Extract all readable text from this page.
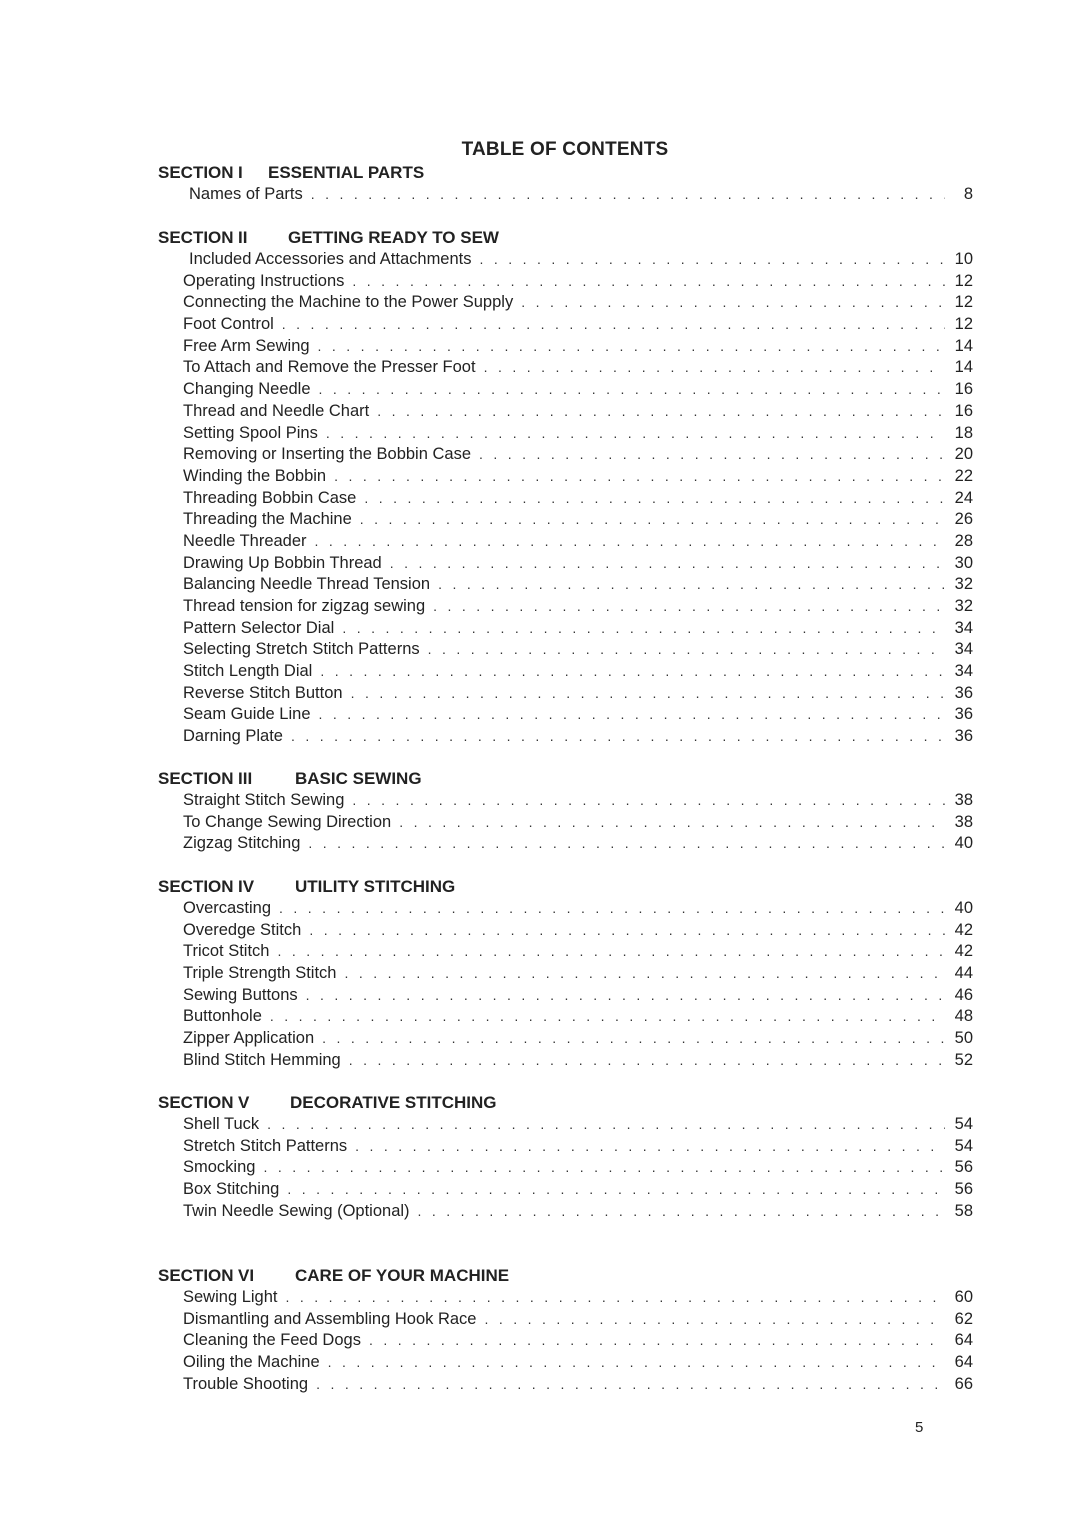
TABLE OF CONTENTS
SECTION I ESSENTIAL PARTS
Names of Parts . . .	8
SECTION II GETTING READY TO SEW
Included Accessories and Attachments . . .	10
Operating Instructions . . .	12
Connecting the Machine to the Power Supply . . .	12
Foot Control . . .	12
Free Arm Sewing . . .	14
To Attach and Remove the Presser Foot . . .	14
Changing Needle . . .	16
Thread and Needle Chart . . .	16
Setting Spool Pins . . .	18
Removing or Inserting the Bobbin Case . . .	20
Winding the Bobbin . . .	22
Threading Bobbin Case . . .	24
Threading the Machine . . .	26
Needle Threader . . .	28
Drawing Up Bobbin Thread . . .	30
Balancing Needle Thread Tension . . .	32
Thread tension for zigzag sewing . . .	32
Pattern Selector Dial . . .	34
Selecting Stretch Stitch Patterns . . .	34
Stitch Length Dial . . .	34
Reverse Stitch Button . . .	36
Seam Guide Line . . .	36
Darning Plate . . .	36
SECTION III	BASIC SEWING
Straight Stitch Sewing . . .	38
To Change Sewing Direction . . .	38
Zigzag Stitching . . .	40
SECTION IV UTILITY STITCHING
Overcasting . . .	40
Overedge Stitch . . .	42
Tricot Stitch . . .	42
Triple Strength Stitch . . .	44
Sewing Buttons . . .	46
Buttonhole . . .	48
Zipper Application . . .	50
Blind Stitch Hemming . . .	52
SECTION V DECORATIVE STITCHING
Shell Tuck . . .	54
Stretch Stitch Patterns . . .	54
Smocking . . .	56
Box Stitching . . .	56
Twin Needle Sewing (Optional) . . .	58
SECTION VI CARE OF YOUR MACHINE
Sewing Light . . .	60
Dismantling and Assembling Hook Race . . .	62
Cleaning the Feed Dogs . . .	64
Oiling the Machine . . .	64
Trouble Shooting . . .	66
5
